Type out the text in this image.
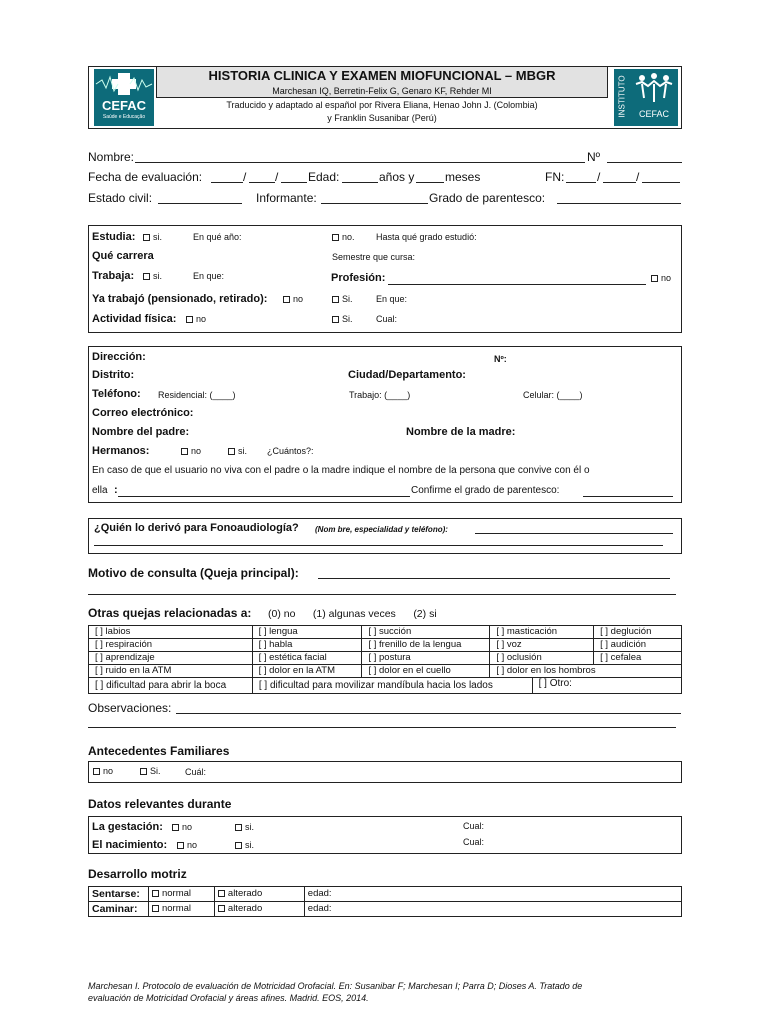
CEFAC
Saúde e Educação
HISTORIA CLINICA Y EXAMEN MIOFUNCIONAL – MBGR
Marchesan IQ, Berretin-Felix G, Genaro KF, Rehder MI
Traducido y adaptado al español por Rivera Eliana, Henao John J. (Colombia)
y Franklin Susanibar (Perú)
INSTITUTO	CEFAC
Nombre:	Nº
Fecha de evaluación:	/ / Edad:	años y	meses	FN:	/	/
Estado civil:	Informante:	Grado de parentesco:
Estudia:	si.	En qué año:	no. Hasta qué grado estudió:
Qué carrera	Semestre que cursa:
Trabaja:	si.	En que:	Profesión:	no
Ya trabajó (pensionado, retirado):	no	Si.	En que:
Actividad física:	no	Si.	Cual:
Dirección:	Nº:
Distrito:	Ciudad/Departamento:
Teléfono: Residencial: (____)	Trabajo: (____)	Celular: (____)
Correo electrónico:
Nombre del padre:	Nombre de la madre:
Hermanos:	no	si. ¿Cuántos?:
En caso de que el usuario no viva con el padre o la madre indique el nombre de la persona que convive con él o
ella :	Confirme el grado de parentesco:
¿Quién lo derivó para Fonoaudiología? (Nom bre, especialidad y teléfono):
Motivo de consulta (Queja principal):
Otras quejas relacionadas a: (0) no      (1) algunas veces      (2) si
[ ] labios	[ ] lengua	[ ] succión	[ ] masticación	[ ] deglución
[ ] respiración	[ ] habla	[ ] frenillo de la lengua	[ ] voz	[ ] audición
[ ] aprendizaje	[ ] estética facial	[ ] postura	[ ] oclusión	[ ] cefalea
[ ] ruido en la ATM	[ ] dolor en la ATM	[ ] dolor en el cuello	[ ] dolor en los hombros	
[ ] dificultad para abrir la boca	[ ] dificultad para movilizar mandíbula hacia los lados	[ ] Otro:
Observaciones:
Antecedentes Familiares
no	Si.	Cuál:
Datos relevantes durante
La gestación:	no	si.	Cual:
El nacimiento:	no	si.	Cual:
Desarrollo motriz
Sentarse:	normal	alterado	edad:
Caminar:	normal	alterado	edad:
Marchesan I. Protocolo de evaluación de Motricidad Orofacial. En: Susanibar F; Marchesan I; Parra D; Dioses A. Tratado de
evaluación de Motricidad Orofacial y áreas afines. Madrid. EOS, 2014.
